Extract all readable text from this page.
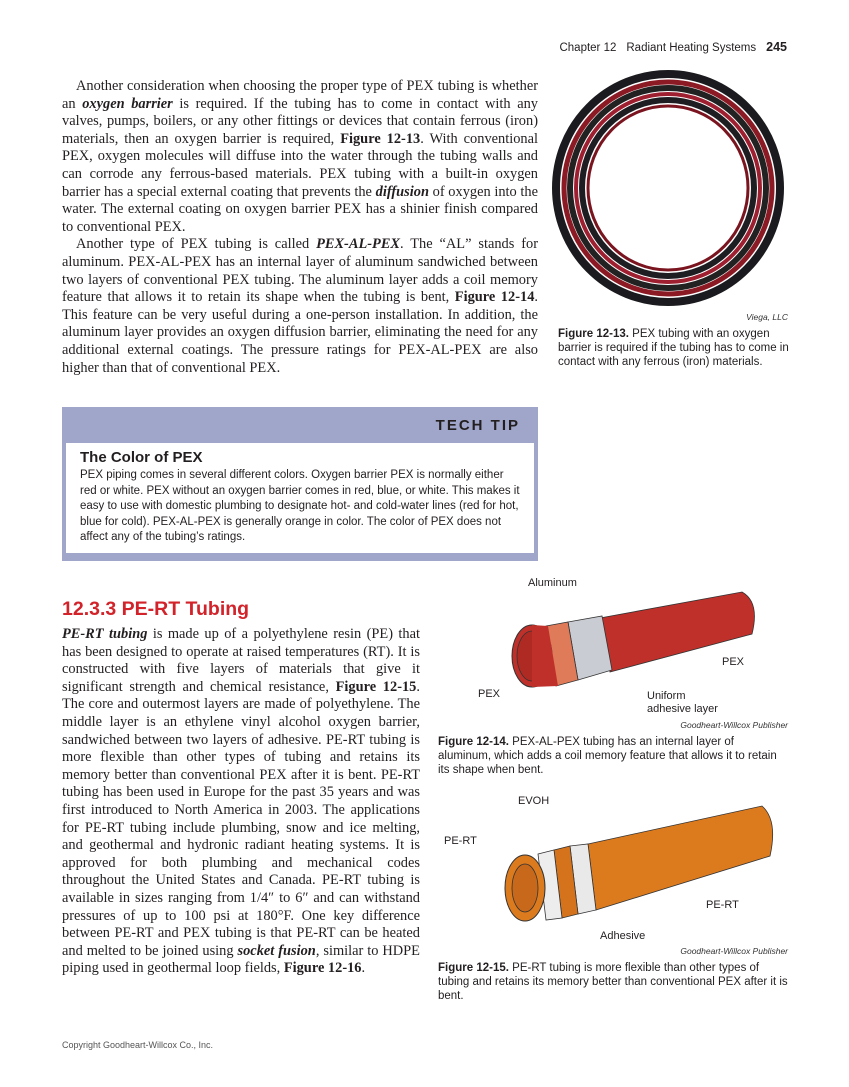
Chapter 12 Radiant Heating Systems 245

Another consideration when choosing the proper type of PEX tubing is whether an oxygen barrier is required. If the tubing has to come in contact with any valves, pumps, boilers, or any other fittings or devices that contain ferrous (iron) materials, then an oxygen barrier is required, Figure 12-13. With conventional PEX, oxygen molecules will diffuse into the water through the tubing walls and can corrode any ferrous-based materials. PEX tubing with a built-in oxygen barrier has a special external coating that prevents the diffusion of oxygen into the water. The external coating on oxygen barrier PEX has a shinier finish compared to conventional PEX.

Another type of PEX tubing is called PEX-AL-PEX. The “AL” stands for aluminum. PEX-AL-PEX has an internal layer of aluminum sandwiched between two layers of conventional PEX tubing. The aluminum layer adds a coil memory feature that allows it to retain its shape when the tubing is bent, Figure 12-14. This feature can be very useful during a one-person installation. In addition, the aluminum layer provides an oxygen diffusion barrier, eliminating the need for any additional external coatings. The pressure ratings for PEX-AL-PEX are also higher than that of conventional PEX.

Viega, LLC
Figure 12-13. PEX tubing with an oxygen barrier is required if the tubing has to come in contact with any ferrous (iron) materials.
TECH TIP
The Color of PEX
PEX piping comes in several different colors. Oxygen barrier PEX is normally either red or white. PEX without an oxygen barrier comes in red, blue, or white. This makes it easy to use with domestic plumbing to designate hot- and cold-water lines (red for hot, blue for cold). PEX-AL-PEX is generally orange in color. The color of PEX does not affect any of the tubing’s ratings.
12.3.3 PE-RT Tubing

PE-RT tubing is made up of a polyethylene resin (PE) that has been designed to operate at raised temperatures (RT). It is constructed with five layers of materials that give it significant strength and chemical resistance, Figure 12-15. The core and outermost layers are made of polyethylene. The middle layer is an ethylene vinyl alcohol oxygen barrier, sandwiched between two layers of adhesive. PE-RT tubing is more flexible than other types of tubing and retains its memory better than conventional PEX after it is bent. PE-RT tubing has been used in Europe for the past 35 years and was first introduced to North America in 2003. The applications for PE-RT tubing include plumbing, snow and ice melting, and geothermal and hydronic radiant heating systems. It is approved for both plumbing and mechanical codes throughout the United States and Canada. PE-RT tubing is available in sizes ranging from 1/4″ to 6″ and can withstand pressures of up to 100 psi at 180°F. One key difference between PE-RT and PEX tubing is that PE-RT can be heated and melted to be joined using socket fusion, similar to HDPE piping used in geothermal loop fields, Figure 12-16.

Aluminum
PEX
PEX	Uniform adhesive layer
Goodheart-Willcox Publisher
Figure 12-14. PEX-AL-PEX tubing has an internal layer of aluminum, which adds a coil memory feature that allows it to retain its shape when bent.
EVOH
PE-RT
PE-RT
Adhesive
Goodheart-Willcox Publisher
Figure 12-15. PE-RT tubing is more flexible than other types of tubing and retains its memory better than conventional PEX after it is bent.
Copyright Goodheart-Willcox Co., Inc.
